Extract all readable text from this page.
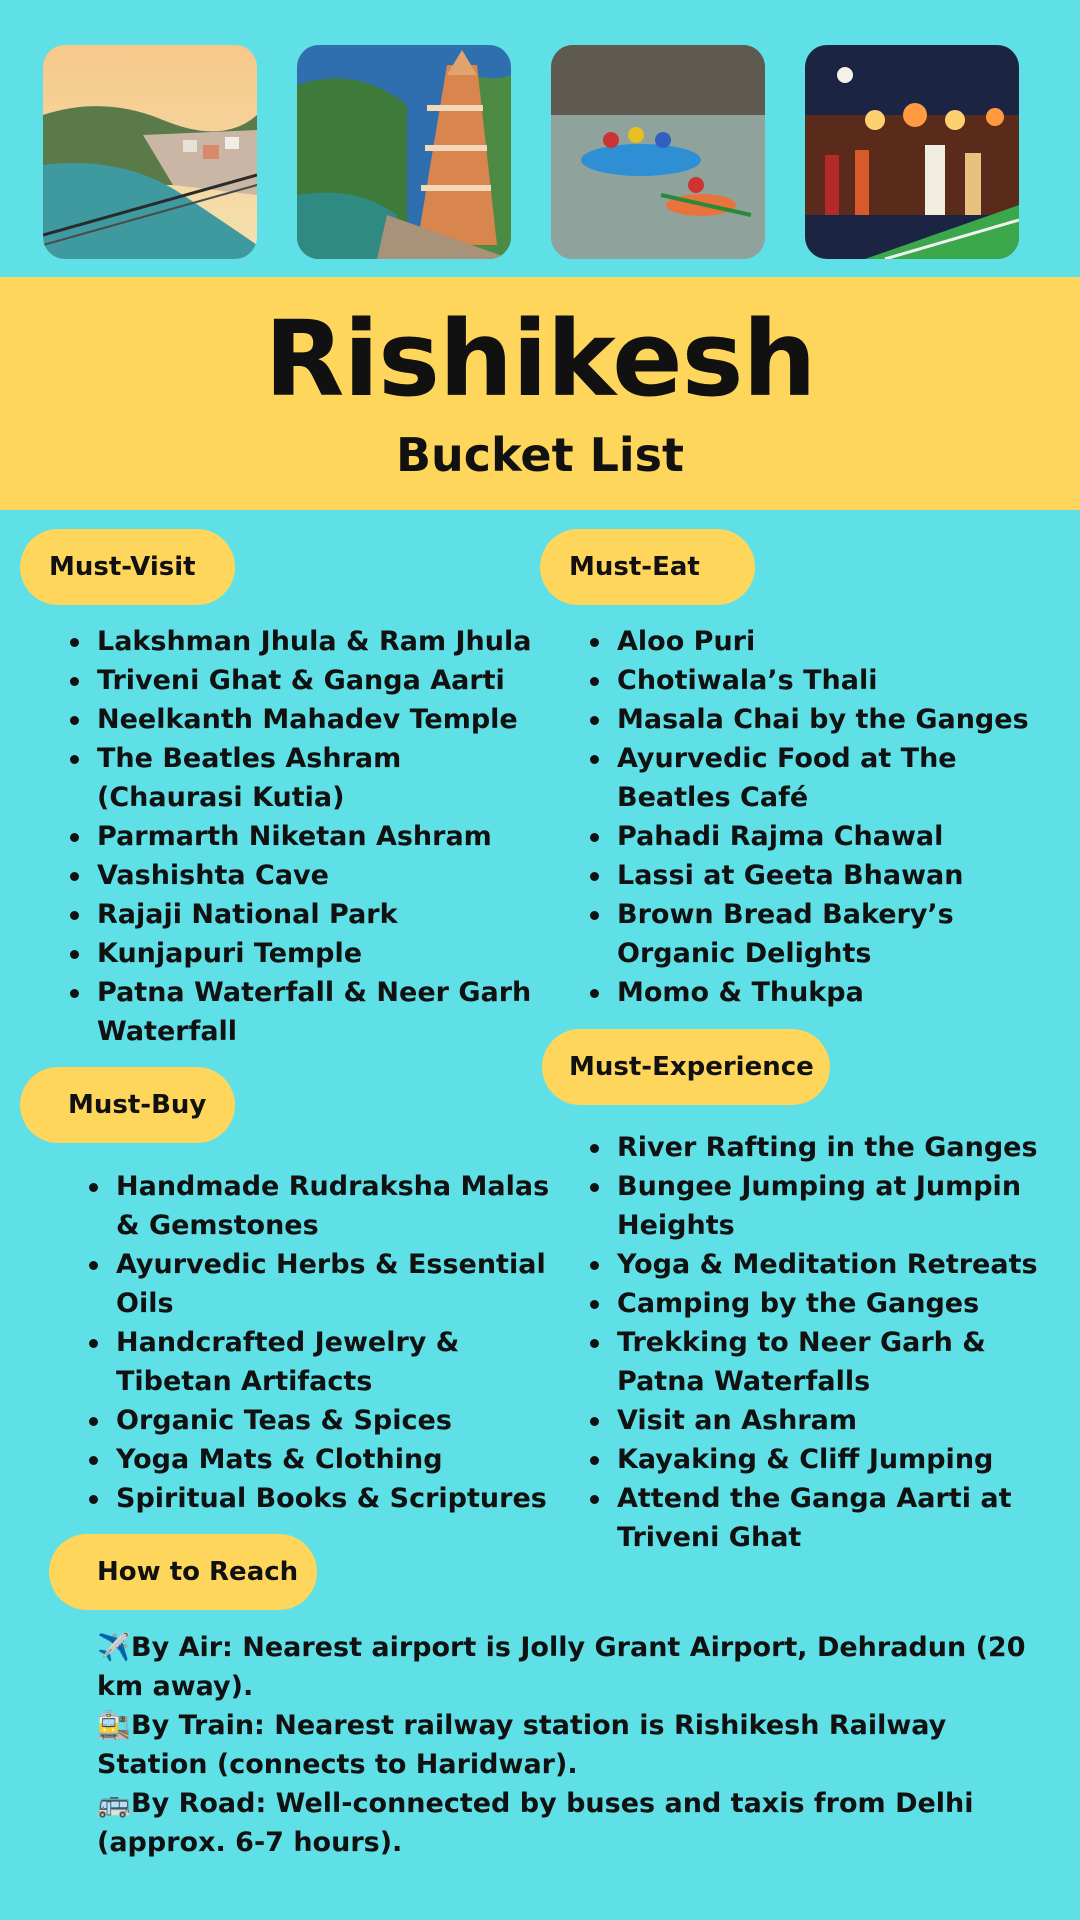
Rishikesh
Bucket List
Must-Visit	Must-Eat
Must-Buy
Must-Experience
How to Reach
Lakshman Jhula & Ram Jhula
Triveni Ghat & Ganga Aarti
Neelkanth Mahadev Temple
The Beatles Ashram (Chaurasi Kutia)
Parmarth Niketan Ashram
Vashishta Cave
Rajaji National Park
Kunjapuri Temple
Patna Waterfall & Neer Garh Waterfall
Aloo Puri
Chotiwala’s Thali
Masala Chai by the Ganges
Ayurvedic Food at The Beatles Café
Pahadi Rajma Chawal
Lassi at Geeta Bhawan
Brown Bread Bakery’s Organic Delights
Momo & Thukpa
Handmade Rudraksha Malas & Gemstones
Ayurvedic Herbs & Essential Oils
Handcrafted Jewelry & Tibetan Artifacts
Organic Teas & Spices
Yoga Mats & Clothing
Spiritual Books & Scriptures
River Rafting in the Ganges
Bungee Jumping at Jumpin Heights
Yoga & Meditation Retreats
Camping by the Ganges
Trekking to Neer Garh & Patna Waterfalls
Visit an Ashram
Kayaking & Cliff Jumping
Attend the Ganga Aarti at Triveni Ghat
✈️By Air: Nearest airport is Jolly Grant Airport, Dehradun (20 km away).
🚉By Train: Nearest railway station is Rishikesh Railway Station (connects to Haridwar).
🚌By Road: Well-connected by buses and taxis from Delhi (approx. 6-7 hours).
